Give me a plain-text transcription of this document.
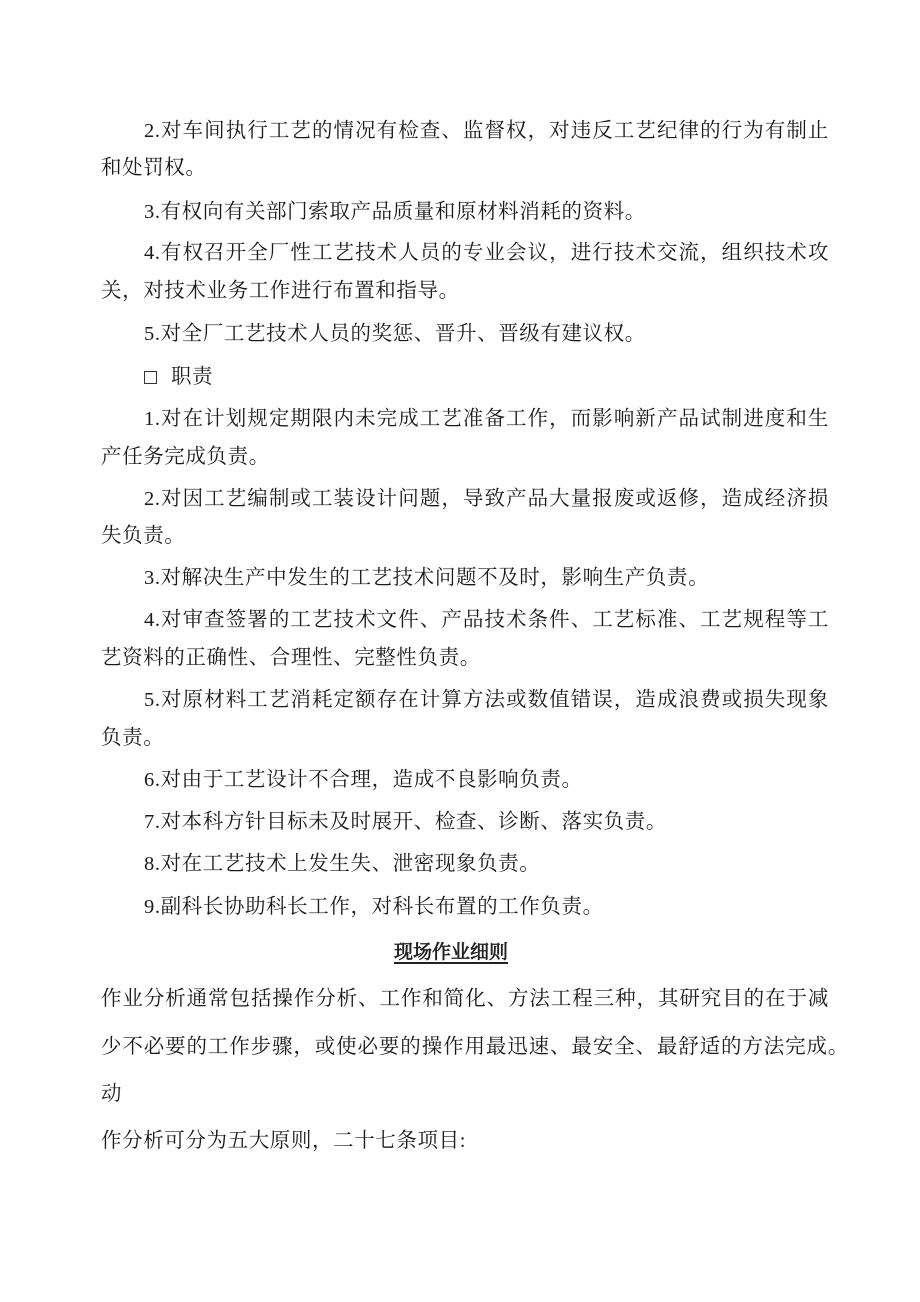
2.对车间执行工艺的情况有检查、监督权，对违反工艺纪律的行为有制止
和处罚权。
3.有权向有关部门索取产品质量和原材料消耗的资料。
4.有权召开全厂性工艺技术人员的专业会议，进行技术交流，组织技术攻
关，对技术业务工作进行布置和指导。
5.对全厂工艺技术人员的奖惩、晋升、晋级有建议权。
职责
1.对在计划规定期限内未完成工艺准备工作，而影响新产品试制进度和生
产任务完成负责。
2.对因工艺编制或工装设计问题，导致产品大量报废或返修，造成经济损
失负责。
3.对解决生产中发生的工艺技术问题不及时，影响生产负责。
4.对审查签署的工艺技术文件、产品技术条件、工艺标准、工艺规程等工
艺资料的正确性、合理性、完整性负责。
5.对原材料工艺消耗定额存在计算方法或数值错误，造成浪费或损失现象
负责。
6.对由于工艺设计不合理，造成不良影响负责。
7.对本科方针目标未及时展开、检查、诊断、落实负责。
8.对在工艺技术上发生失、泄密现象负责。
9.副科长协助科长工作，对科长布置的工作负责。
现场作业细则
作业分析通常包括操作分析、工作和简化、方法工程三种，其研究目的在于减
少不必要的工作步骤，或使必要的操作用最迅速、最安全、最舒适的方法完成。
动
作分析可分为五大原则，二十七条项目:
